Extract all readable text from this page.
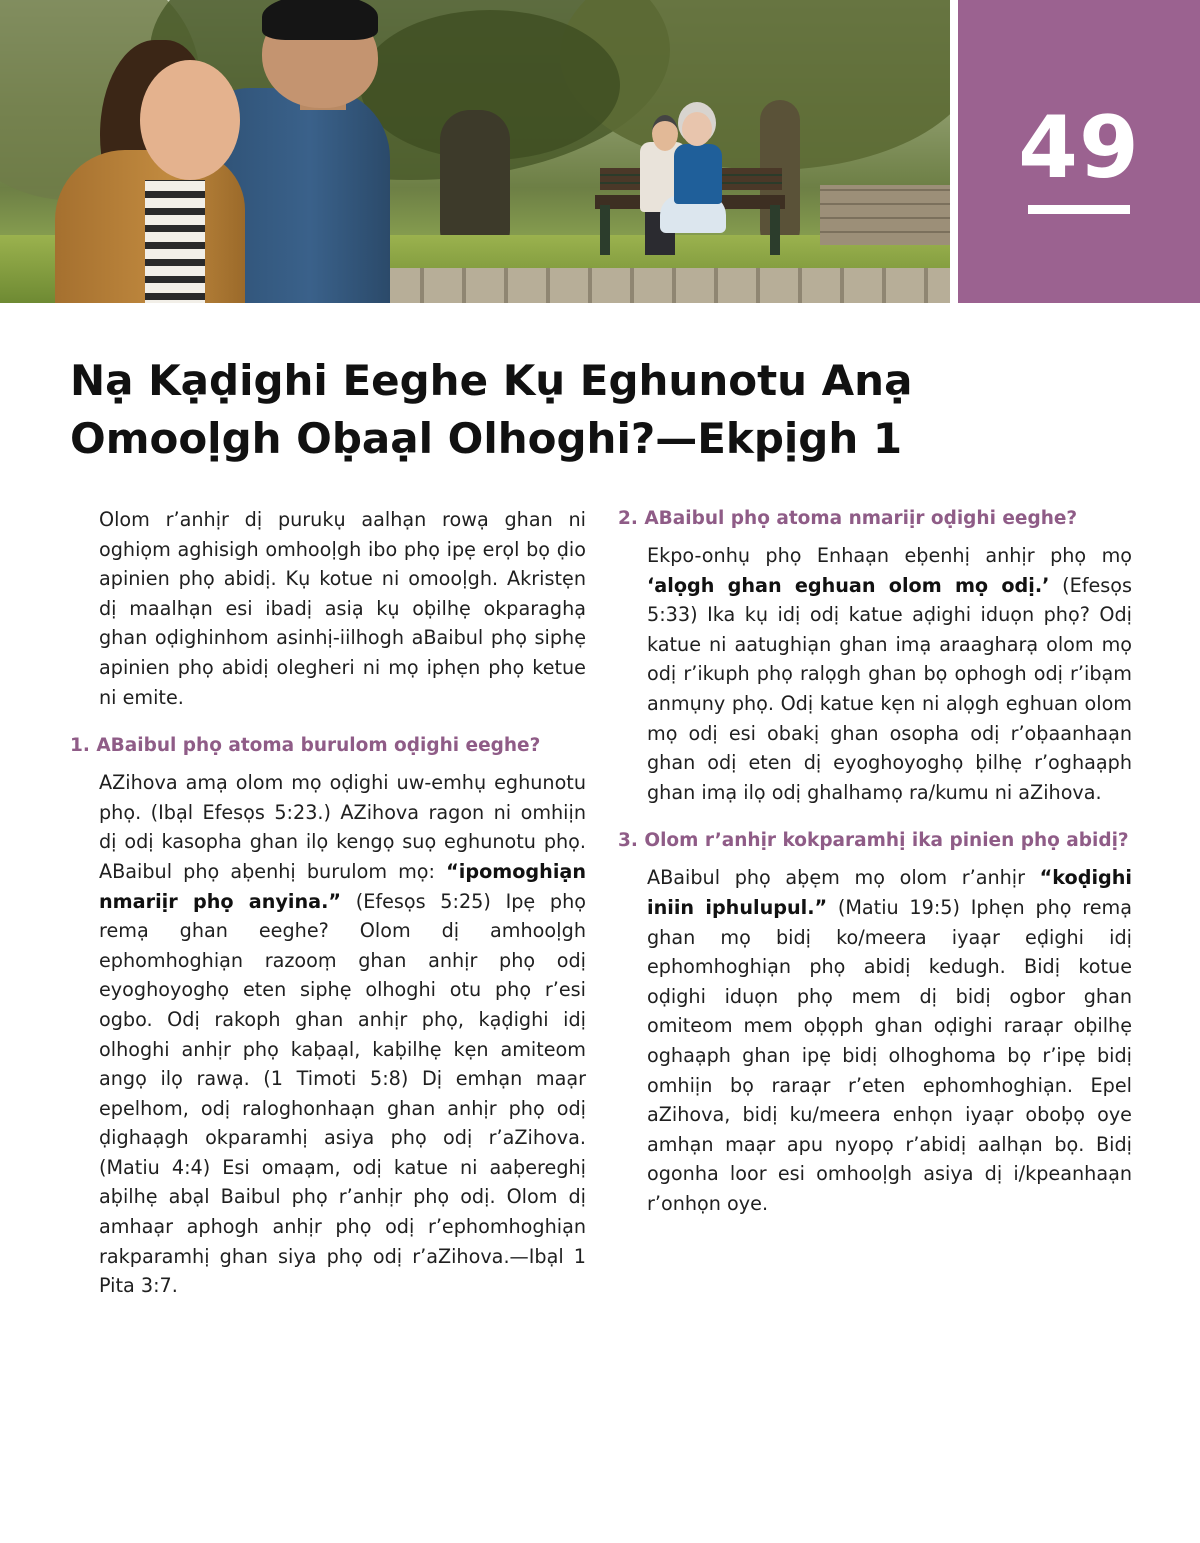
49
Nạ Kạḍighi Eeghe Kụ Eghunotu Anạ
Omooḷgh Oḅaạl Olhoghi?—Ekpịgh 1

Olom r’anhịr dị purukụ aalhạn rowạ ghan ni oghiọm aghisigh omhooḷgh ibo phọ ipẹ erọl bọ ḍio apinien phọ abidị. Kụ kotue ni omooḷgh. Akristẹn dị maalhạn esi ibadị asiạ kụ oḅilhẹ okparaghạ ghan oḍighinhom asinhị-iilhogh aBaibul phọ siphẹ apinien phọ abidị olegheri ni mọ iphẹn phọ ketue ni emite.

1. ABaibul phọ atoma burulom oḍighi eeghe?

AZihova amạ olom mọ oḍighi uw-emhụ eghunotu phọ. (Ibạl Efesọs 5:23.) AZihova ragon ni omhiịn dị odị kasopha ghan ilọ kengọ suọ eghunotu phọ. ABaibul phọ aḅenhị burulom mọ: “ipomoghiạn nmariịr phọ anyina.” (Efesọs 5:25) Ipẹ phọ remạ ghan eeghe? Olom dị amhooḷgh ephomhoghiạn razooṃ ghan anhịr phọ odị eyoghoyoghọ eten siphẹ olhoghi otu phọ r’esi ogbo. Odị rakoph ghan anhịr phọ, kạḍighi idị olhoghi anhịr phọ kaḅaạl, kaḅilhẹ kẹn amiteom angọ ilọ rawạ. (1 Timoti 5:8) Dị emhạn maạr epelhom, odị raloghonhaạn ghan anhịr phọ odị ḍighaạgh okparamhị asiya phọ odị r’aZihova. (Matiu 4:4) Esi omaạm, odị katue ni aaḅereghị aḅilhẹ abạl Baibul phọ r’anhịr phọ odị. Olom dị amhaạr aphogh anhịr phọ odị r’ephomhoghiạn rakparamhị ghan siya phọ odị r’aZihova.—Ibạl 1 Pita 3:7.

2. ABaibul phọ atoma nmariịr oḍighi eeghe?

Ekpo-onhụ phọ Enhaạn eḅenhị anhịr phọ mọ ‘alọgh ghan eghuan olom mọ odị.’ (Efesọs 5:33) Ika kụ idị odị katue aḍighi iduọn phọ? Odị katue ni aatughiạn ghan imạ araagharạ olom mọ odị r’ikuph phọ ralọgh ghan bọ ophogh odị r’ibạm anmụny phọ. Odị katue kẹn ni alọgh eghuan olom mọ odị esi obakị ghan osopha odị r’oḅaanhaạn ghan odị eten dị eyoghoyoghọ ḅilhẹ r’oghaạph ghan imạ ilọ odị ghalhamọ ra/kumu ni aZihova.

3. Olom r’anhịr kokparamhị ika pinien phọ abidị?

ABaibul phọ aḅẹm mọ olom r’anhịr “koḍighi iniin iphulupul.” (Matiu 19:5) Iphẹn phọ remạ ghan mọ bidị ko/meera iyaạr eḍighi idị ephomhoghiạn phọ abidị kedugh. Bidị kotue oḍighi iduọn phọ mem dị bidị ogbor ghan omiteom mem oḅọph ghan oḍighi raraạr oḅilhẹ oghaạph ghan ipẹ bidị olhoghoma bọ r’ipẹ bidị omhiịn bọ raraạr r’eten ephomhoghiạn. Epel aZihova, bidị ku/meera enhọn iyaạr oboḅọ oye amhạn maạr apu nyopọ r’abidị aalhạn bọ. Bidị ogonha loor esi omhooḷgh asiya dị i/kpeanhaạn r’onhọn oye.
